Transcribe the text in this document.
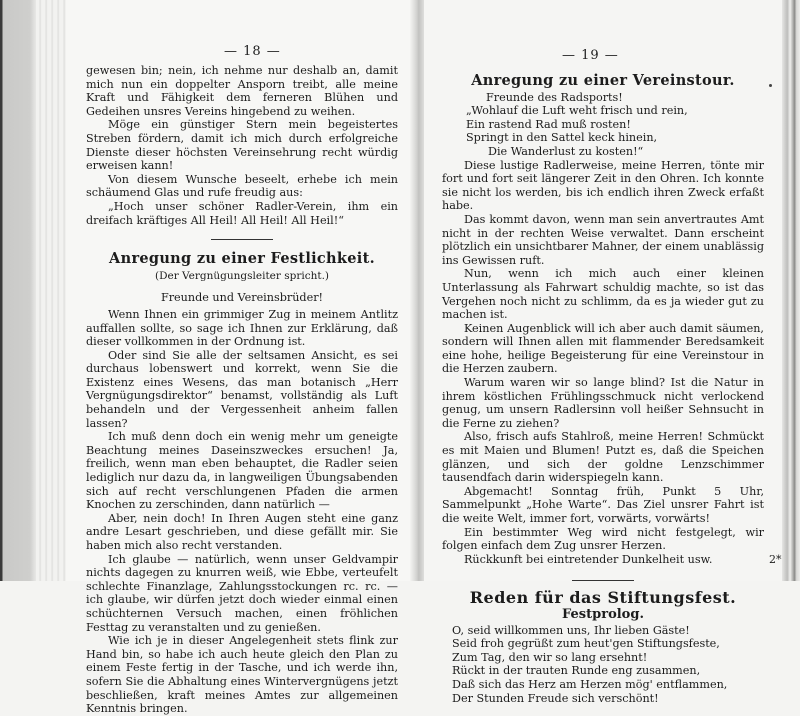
— 18 —

gewesen bin; nein, ich nehme nur deshalb an, damit mich nun ein doppelter Ansporn treibt, alle meine Kraft und Fähigkeit dem ferneren Blühen und Gedeihen unsres Vereins hingebend zu weihen.

Möge ein günstiger Stern mein begeistertes Streben fördern, damit ich mich durch erfolgreiche Dienste dieser höchsten Vereinsehrung recht würdig erweisen kann!

Von diesem Wunsche beseelt, erhebe ich mein schäumend Glas und rufe freudig aus:

„Hoch unser schöner Radler-Verein, ihm ein dreifach kräftiges All Heil! All Heil! All Heil!“

Anregung zu einer Festlichkeit.
(Der Vergnügungsleiter spricht.)
Freunde und Vereinsbrüder!

Wenn Ihnen ein grimmiger Zug in meinem Antlitz auffallen sollte, so sage ich Ihnen zur Erklärung, daß dieser vollkommen in der Ordnung ist.

Oder sind Sie alle der seltsamen Ansicht, es sei durchaus lobenswert und korrekt, wenn Sie die Existenz eines Wesens, das man botanisch „Herr Vergnügungsdirektor“ benamst, vollständig als Luft behandeln und der Vergessenheit anheim fallen lassen?

Ich muß denn doch ein wenig mehr um geneigte Beachtung meines Daseinszweckes ersuchen! Ja, freilich, wenn man eben behauptet, die Radler seien lediglich nur dazu da, in langweiligen Übungsabenden sich auf recht verschlungenen Pfaden die armen Knochen zu zerschinden, dann natürlich —

Aber, nein doch! In Ihren Augen steht eine ganz andre Lesart geschrieben, und diese gefällt mir. Sie haben mich also recht verstanden.

Ich glaube — natürlich, wenn unser Geldvampir nichts dagegen zu knurren weiß, wie Ebbe, verteufelt schlechte Finanzlage, Zahlungsstockungen rc. rc. — ich glaube, wir dürfen jetzt doch wieder einmal einen schüchternen Versuch machen, einen fröhlichen Festtag zu veranstalten und zu genießen.

Wie ich je in dieser Angelegenheit stets flink zur Hand bin, so habe ich auch heute gleich den Plan zu einem Feste fertig in der Tasche, und ich werde ihn, sofern Sie die Abhaltung eines Wintervergnügens jetzt beschließen, kraft meines Amtes zur allgemeinen Kenntnis bringen.

— 19 —
Anregung zu einer Vereinstour.
Freunde des Radsports!

„Wohlauf die Luft weht frisch und rein,

Ein rastend Rad muß rosten!

Springt in den Sattel keck hinein,

Die Wanderlust zu kosten!“

Diese lustige Radlerweise, meine Herren, tönte mir fort und fort seit längerer Zeit in den Ohren. Ich konnte sie nicht los werden, bis ich endlich ihren Zweck erfaßt habe.

Das kommt davon, wenn man sein anvertrautes Amt nicht in der rechten Weise verwaltet. Dann erscheint plötzlich ein unsichtbarer Mahner, der einem unablässig ins Gewissen ruft.

Nun, wenn ich mich auch einer kleinen Unterlassung als Fahrwart schuldig machte, so ist das Vergehen noch nicht zu schlimm, da es ja wieder gut zu machen ist.

Keinen Augenblick will ich aber auch damit säumen, sondern will Ihnen allen mit flammender Beredsamkeit eine hohe, heilige Begeisterung für eine Vereinstour in die Herzen zaubern.

Warum waren wir so lange blind? Ist die Natur in ihrem köstlichen Frühlingsschmuck nicht verlockend genug, um unsern Radlersinn voll heißer Sehnsucht in die Ferne zu ziehen?

Also, frisch aufs Stahlroß, meine Herren! Schmückt es mit Maien und Blumen! Putzt es, daß die Speichen glänzen, und sich der goldne Lenzschimmer tausendfach darin widerspiegeln kann.

Abgemacht! Sonntag früh, Punkt 5 Uhr, Sammelpunkt „Hohe Warte“. Das Ziel unsrer Fahrt ist die weite Welt, immer fort, vorwärts, vorwärts!

Ein bestimmter Weg wird nicht festgelegt, wir folgen einfach dem Zug unsrer Herzen.

Rückkunft bei eintretender Dunkelheit usw.

Reden für das Stiftungsfest.
Festprolog.

O, seid willkommen uns, Ihr lieben Gäste!

Seid froh gegrüßt zum heut'gen Stiftungsfeste,

Zum Tag, den wir so lang ersehnt!

Rückt in der trauten Runde eng zusammen,

Daß sich das Herz am Herzen mög' entflammen,

Der Stunden Freude sich verschönt!

2*
